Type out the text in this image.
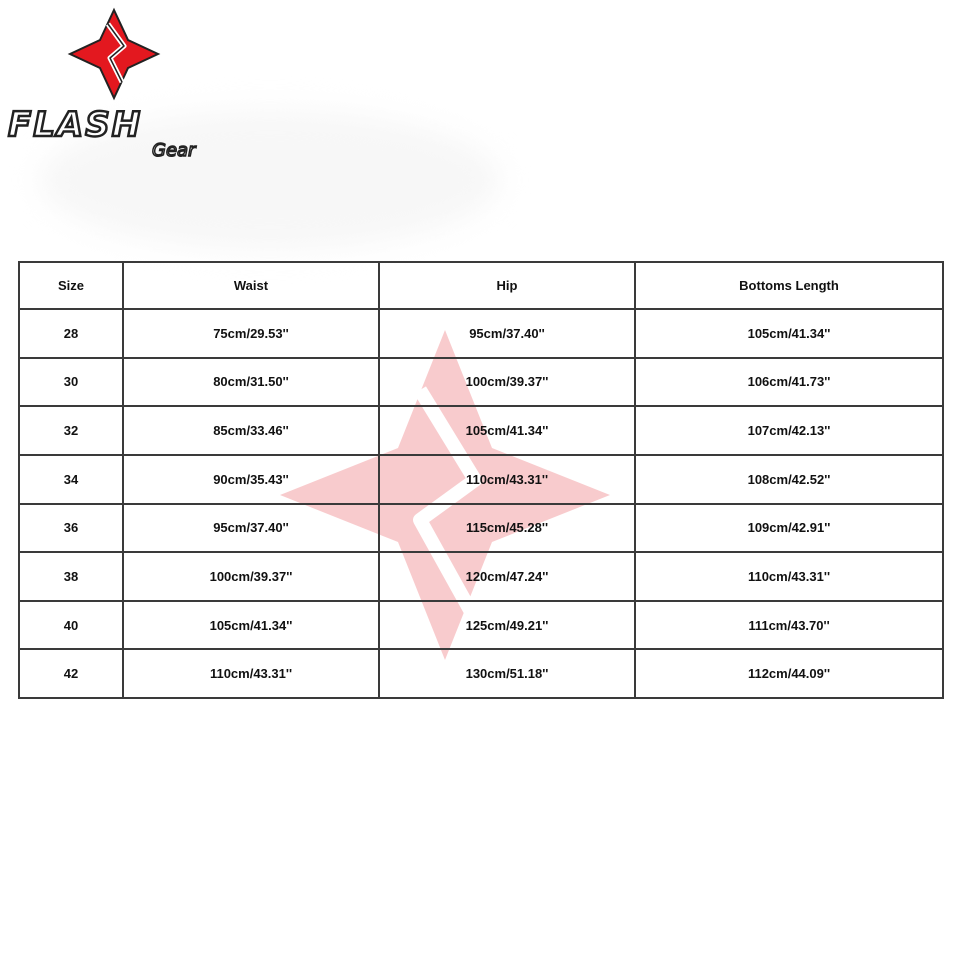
FLASH
Gear
Size	Waist	Hip	Bottoms Length
28	75cm/29.53''	95cm/37.40''	105cm/41.34''
30	80cm/31.50''	100cm/39.37''	106cm/41.73''
32	85cm/33.46''	105cm/41.34''	107cm/42.13''
34	90cm/35.43''	110cm/43.31''	108cm/42.52''
36	95cm/37.40''	115cm/45.28''	109cm/42.91''
38	100cm/39.37''	120cm/47.24''	110cm/43.31''
40	105cm/41.34''	125cm/49.21''	111cm/43.70''
42	110cm/43.31''	130cm/51.18''	112cm/44.09''
